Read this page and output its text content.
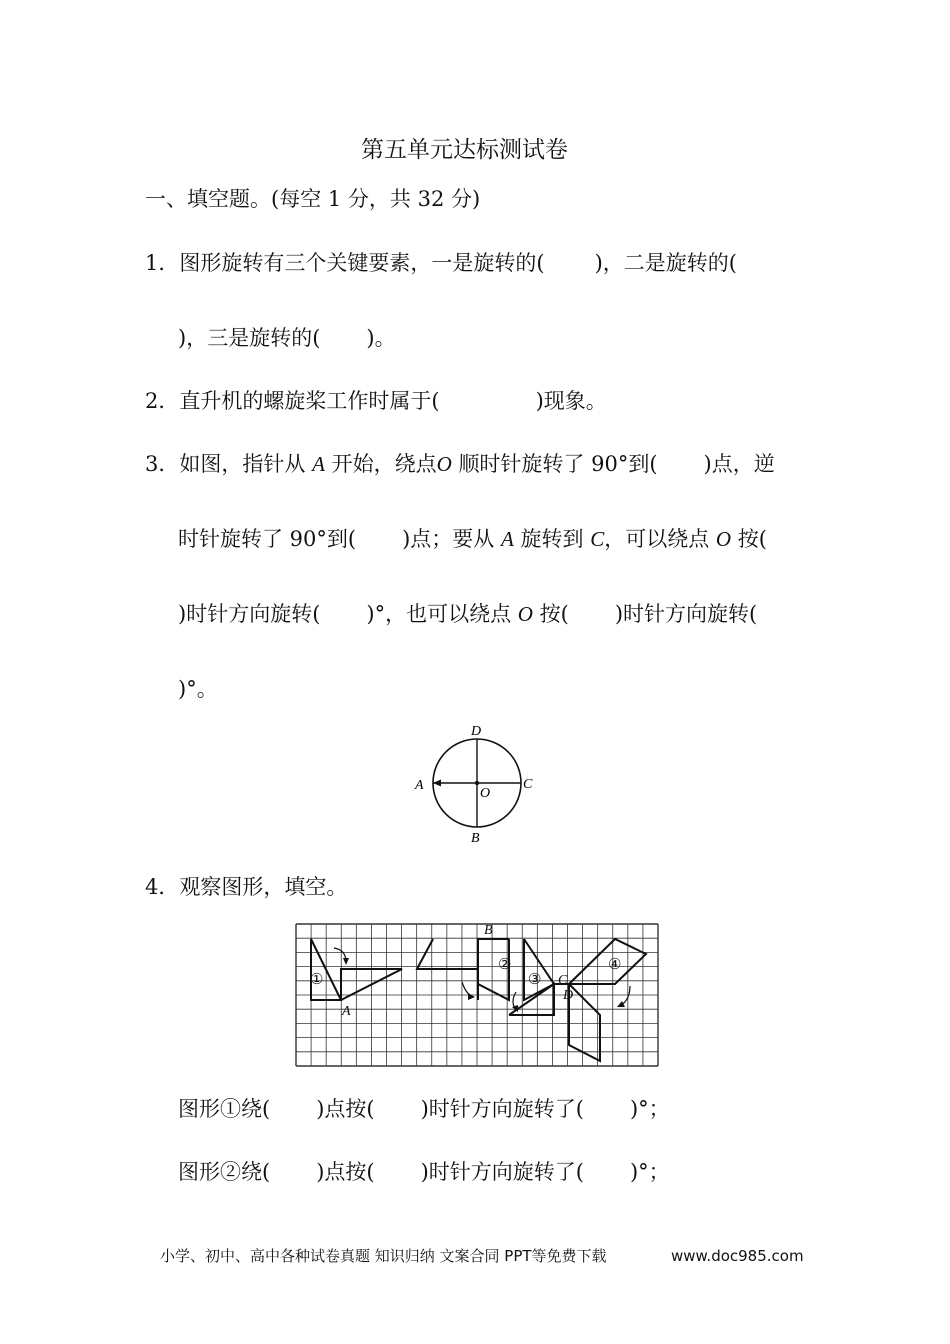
第五单元达标测试卷
一、填空题。(每空 1 分，共 32 分)
1．图形旋转有三个关键要素，一是旋转的( )，二是旋转的(
)，三是旋转的( )。
2．直升机的螺旋桨工作时属于(	)现象。
3．如图，指针从 A 开始，绕点O 顺时针旋转了 90°到( )点，逆
时针旋转了 90°到( )点；要从 A 旋转到 C，可以绕点 O 按(
)时针方向旋转( )°，也可以绕点 O 按( )时针方向旋转(
)°。
D
A
O
C
B
4．观察图形，填空。
B
A
C
D
①
②
③
④
图形①绕( )点按( )时针方向旋转了( )°；
图形②绕( )点按( )时针方向旋转了( )°；
小学、初中、高中各种试卷真题 知识归纳 文案合同 PPT等免费下载	www.doc985.com
